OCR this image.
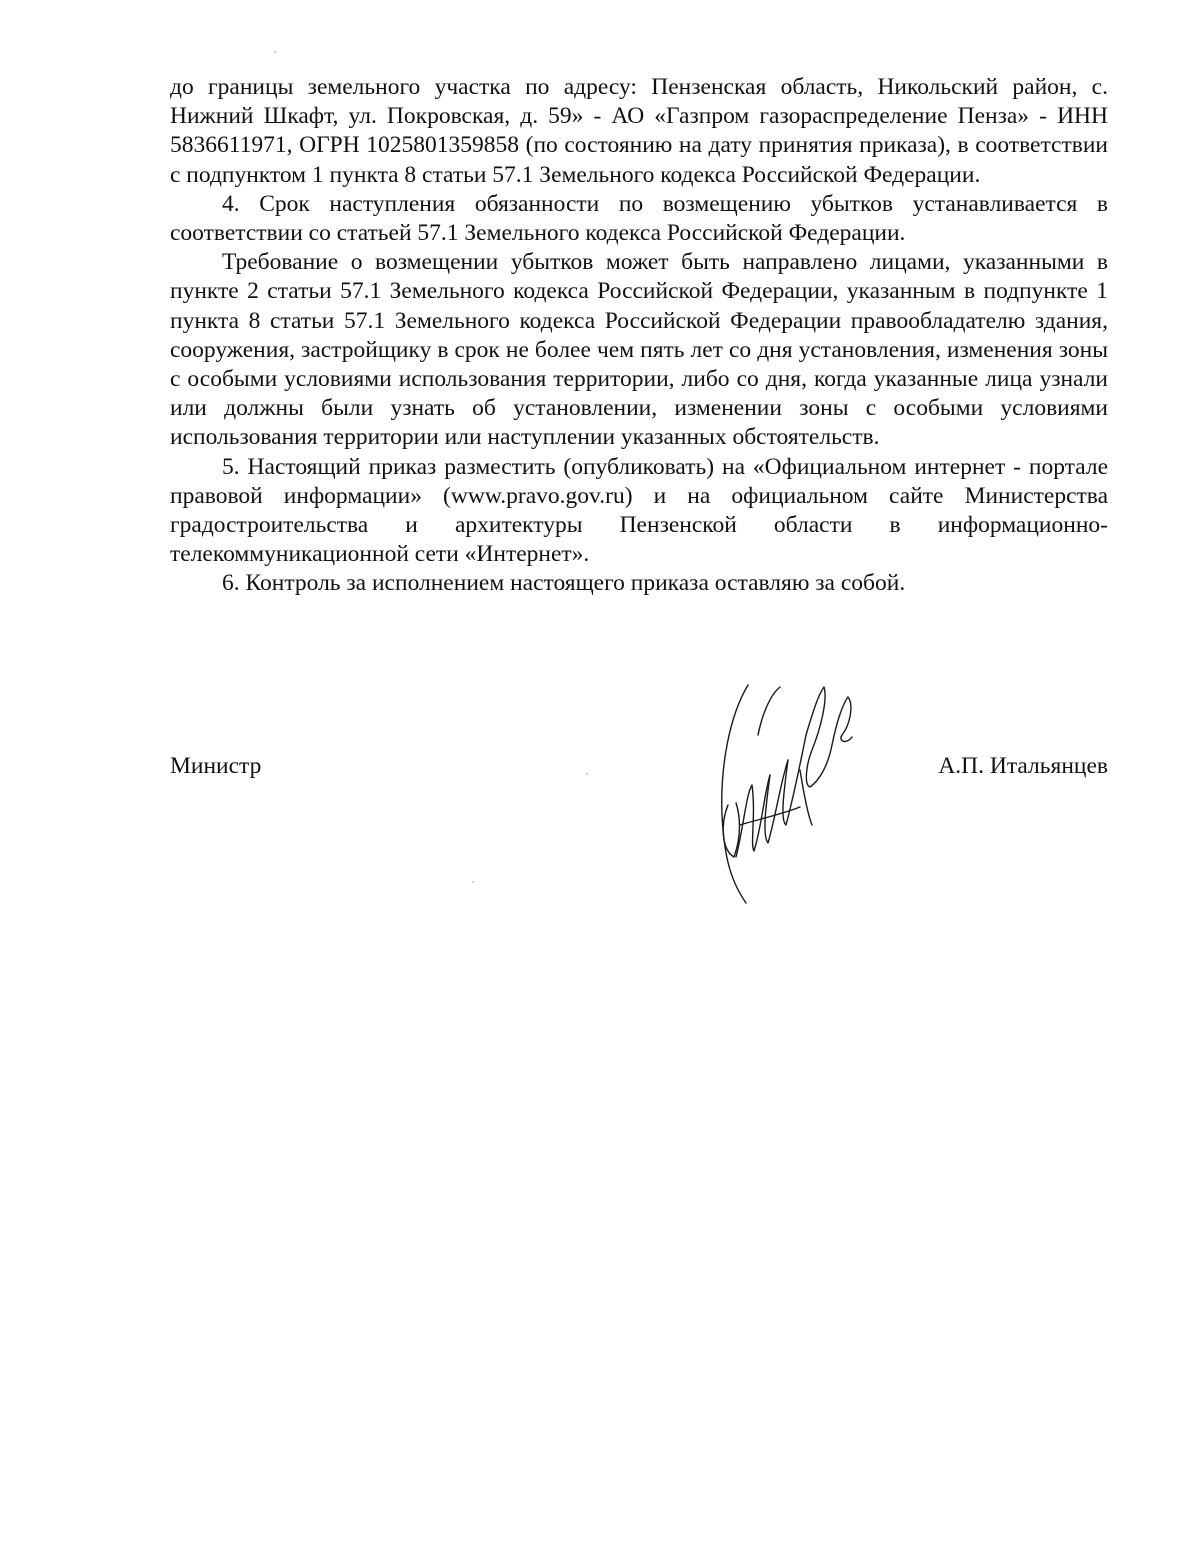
до границы земельного участка по адресу: Пензенская область, Никольский район, с. Нижний Шкафт, ул. Покровская, д. 59» - АО «Газпром газораспределение Пенза» - ИНН 5836611971, ОГРН 1025801359858 (по состоянию на дату принятия приказа), в соответствии с подпунктом 1 пункта 8 статьи 57.1 Земельного кодекса Российской Федерации.

4. Срок наступления обязанности по возмещению убытков устанавливается в соответствии со статьей 57.1 Земельного кодекса Российской Федерации.

Требование о возмещении убытков может быть направлено лицами, указанными в пункте 2 статьи 57.1 Земельного кодекса Российской Федерации, указанным в подпункте 1 пункта 8 статьи 57.1 Земельного кодекса Российской Федерации правообладателю здания, сооружения, застройщику в срок не более чем пять лет со дня установления, изменения зоны с особыми условиями использования территории, либо со дня, когда указанные лица узнали или должны были узнать об установлении, изменении зоны с особыми условиями использования территории или наступлении указанных обстоятельств.

5. Настоящий приказ разместить (опубликовать) на «Официальном интернет - портале правовой информации» (www.pravo.gov.ru) и на официальном сайте Министерства градостроительства и архитектуры Пензенской области в информационно-телекоммуникационной сети «Интернет».

6. Контроль за исполнением настоящего приказа оставляю за собой.

Министр	А.П. Итальянцев
